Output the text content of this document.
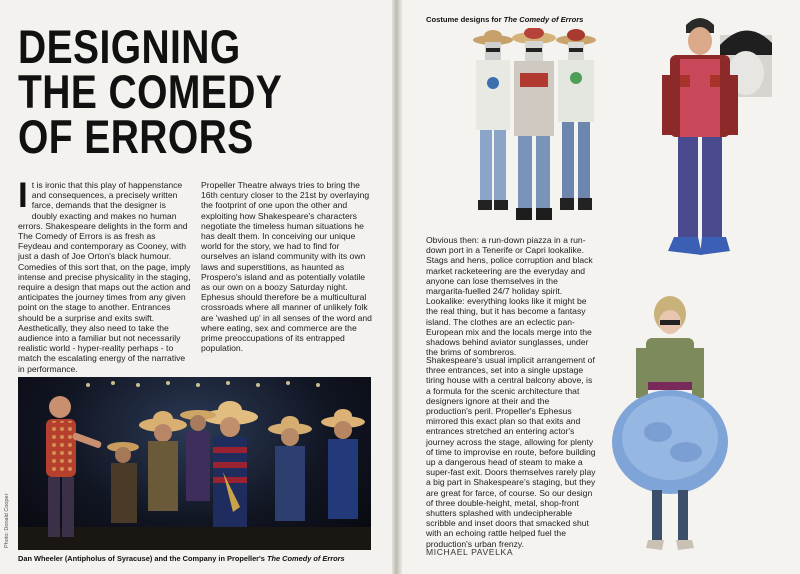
DESIGNING
THE COMEDY
OF ERRORS
It is ironic that this play of happenstance and consequences, a precisely written farce, demands that the designer is doubly exacting and makes no human errors. Shakespeare delights in the form and The Comedy of Errors is as fresh as Feydeau and contemporary as Cooney, with just a dash of Joe Orton's black humour. Comedies of this sort that, on the page, imply intense and precise physicality in the staging, require a design that maps out the action and anticipates the journey times from any given point on the stage to another. Entrances should be a surprise and exits swift. Aesthetically, they also need to take the audience into a familiar but not necessarily realistic world - hyper-reality perhaps - to match the escalating energy of the narrative in performance.
Propeller Theatre always tries to bring the 16th century closer to the 21st by overlaying the footprint of one upon the other and exploiting how Shakespeare's characters negotiate the timeless human situations he has dealt them. In conceiving our unique world for the story, we had to find for ourselves an island community with its own laws and superstitions, as haunted as Prospero's island and as potentially volatile as our own on a boozy Saturday night. Ephesus should therefore be a multicultural crossroads where all manner of unlikely folk are 'washed up' in all senses of the word and where eating, sex and commerce are the prime preoccupations of its entrapped population.
Photo: Donald Cooper
Dan Wheeler (Antipholus of Syracuse) and the Company in Propeller's The Comedy of Errors
Costume designs for The Comedy of Errors
Obvious then: a run-down piazza in a run-down port in a Tenerife or Capri lookalike. Stags and hens, police corruption and black market racketeering are the everyday and anyone can lose themselves in the margarita-fuelled 24/7 holiday spirit. Lookalike: everything looks like it might be the real thing, but it has become a fantasy island. The clothes are an eclectic pan-European mix and the locals merge into the shadows behind aviator sunglasses, under the brims of sombreros.
Shakespeare's usual implicit arrangement of three entrances, set into a single upstage tiring house with a central balcony above, is a formula for the scenic architecture that designers ignore at their and the production's peril. Propeller's Ephesus mirrored this exact plan so that exits and entrances stretched an entering actor's journey across the stage, allowing for plenty of time to improvise en route, before building up a dangerous head of steam to make a super-fast exit. Doors themselves rarely play a big part in Shakespeare's staging, but they are great for farce, of course. So our design of three double-height, metal, shop-front shutters splashed with undecipherable scribble and inset doors that smacked shut with an echoing rattle helped fuel the production's urban frenzy.
MICHAEL PAVELKA
